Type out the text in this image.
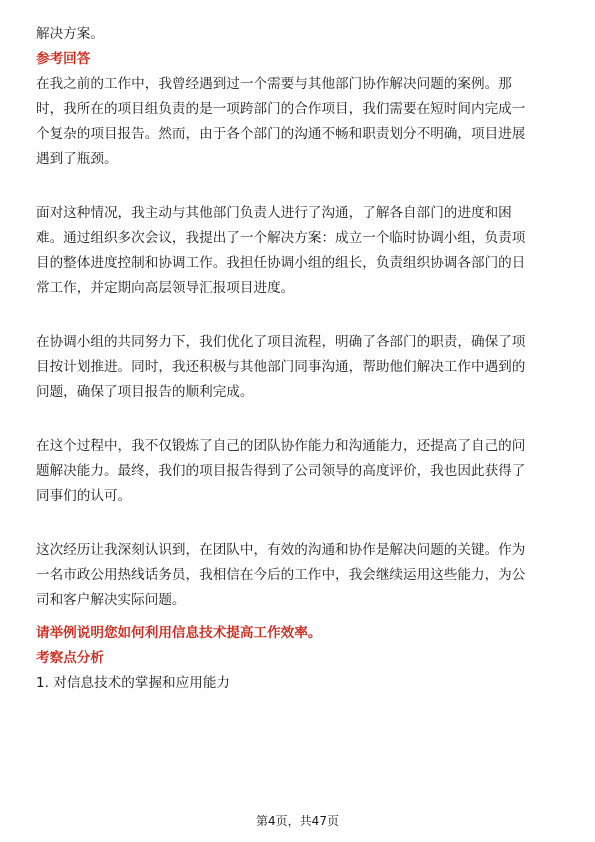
解决方案。
参考回答
在我之前的工作中，我曾经遇到过一个需要与其他部门协作解决问题的案例。那
时，我所在的项目组负责的是一项跨部门的合作项目，我们需要在短时间内完成一
个复杂的项目报告。然而，由于各个部门的沟通不畅和职责划分不明确，项目进展
遇到了瓶颈。
面对这种情况，我主动与其他部门负责人进行了沟通，了解各自部门的进度和困
难。通过组织多次会议，我提出了一个解决方案：成立一个临时协调小组，负责项
目的整体进度控制和协调工作。我担任协调小组的组长，负责组织协调各部门的日
常工作，并定期向高层领导汇报项目进度。
在协调小组的共同努力下，我们优化了项目流程，明确了各部门的职责，确保了项
目按计划推进。同时，我还积极与其他部门同事沟通，帮助他们解决工作中遇到的
问题，确保了项目报告的顺利完成。
在这个过程中，我不仅锻炼了自己的团队协作能力和沟通能力，还提高了自己的问
题解决能力。最终，我们的项目报告得到了公司领导的高度评价，我也因此获得了
同事们的认可。
这次经历让我深刻认识到，在团队中，有效的沟通和协作是解决问题的关键。作为
一名市政公用热线话务员，我相信在今后的工作中，我会继续运用这些能力，为公
司和客户解决实际问题。
请举例说明您如何利用信息技术提高工作效率。
考察点分析
1. 对信息技术的掌握和应用能力
第4页，共47页
